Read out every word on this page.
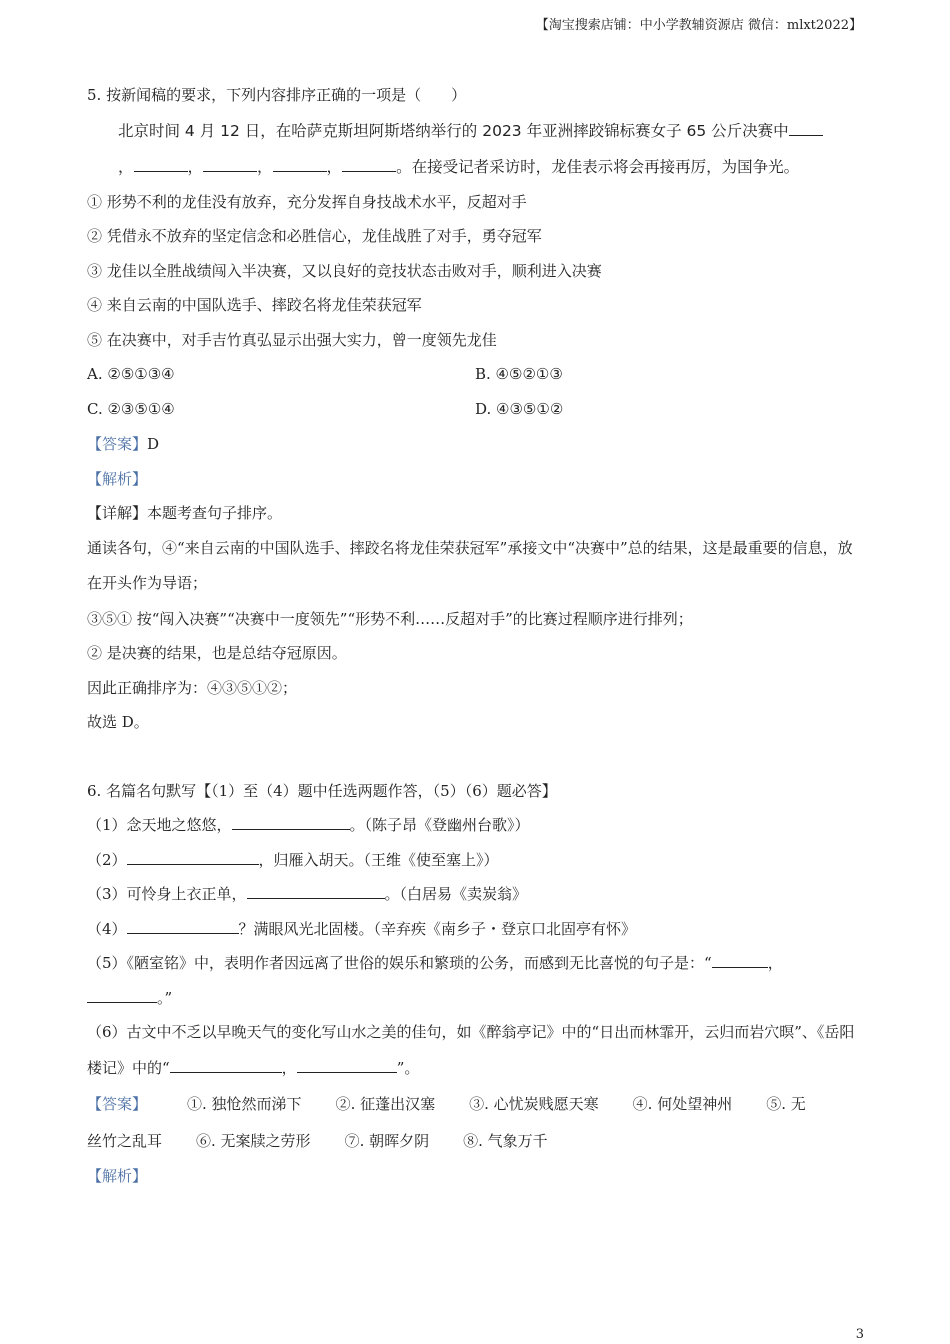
【淘宝搜索店铺：中小学教辅资源店 微信：mlxt2022】

5. 按新闻稿的要求，下列内容排序正确的一项是（　　）

北京时间 4 月 12 日，在哈萨克斯坦阿斯塔纳举行的 2023 年亚洲摔跤锦标赛女子 65 公斤决赛中
，	，	，	，	。在接受记者采访时，龙佳表示将会再接再厉，为国争光。

① 形势不利的龙佳没有放弃，充分发挥自身技战术水平，反超对手

② 凭借永不放弃的坚定信念和必胜信心，龙佳战胜了对手，勇夺冠军

③ 龙佳以全胜战绩闯入半决赛，又以良好的竞技状态击败对手，顺利进入决赛

④ 来自云南的中国队选手、摔跤名将龙佳荣获冠军

⑤ 在决赛中，对手吉竹真弘显示出强大实力，曾一度领先龙佳

A. ②⑤①③④	B. ④⑤②①③
C. ②③⑤①④	D. ④③⑤①②

【答案】D

【解析】

【详解】本题考查句子排序。

通读各句，④“来自云南的中国队选手、摔跤名将龙佳荣获冠军”承接文中“决赛中”总的结果，这是最重要的信息，放在开头作为导语；

③⑤① 按“闯入决赛”“决赛中一度领先”“形势不利……反超对手”的比赛过程顺序进行排列；

② 是决赛的结果，也是总结夺冠原因。

因此正确排序为：④③⑤①②；

故选 D。

6. 名篇名句默写【（1）至（4）题中任选两题作答，（5）（6）题必答】

（1）念天地之悠悠，	。（陈子昂《登幽州台歌》）

（2）	，归雁入胡天。（王维《使至塞上》）

（3）可怜身上衣正单，	。（白居易《卖炭翁》

（4）	？满眼风光北固楼。（辛弃疾《南乡子・登京口北固亭有怀》

（5）《陋室铭》中，表明作者因远离了世俗的娱乐和繁琐的公务，而感到无比喜悦的句子是：“	，

。”

（6）古文中不乏以早晚天气的变化写山水之美的佳句，如《醉翁亭记》中的“日出而林霏开，云归而岩穴暝”、《岳阳楼记》中的“	，	”。

【答案】	①. 独怆然而涕下 ②. 征蓬出汉塞 ③. 心忧炭贱愿天寒 ④. 何处望神州 ⑤. 无

丝竹之乱耳 ⑥. 无案牍之劳形 ⑦. 朝晖夕阴 ⑧. 气象万千

【解析】

3
